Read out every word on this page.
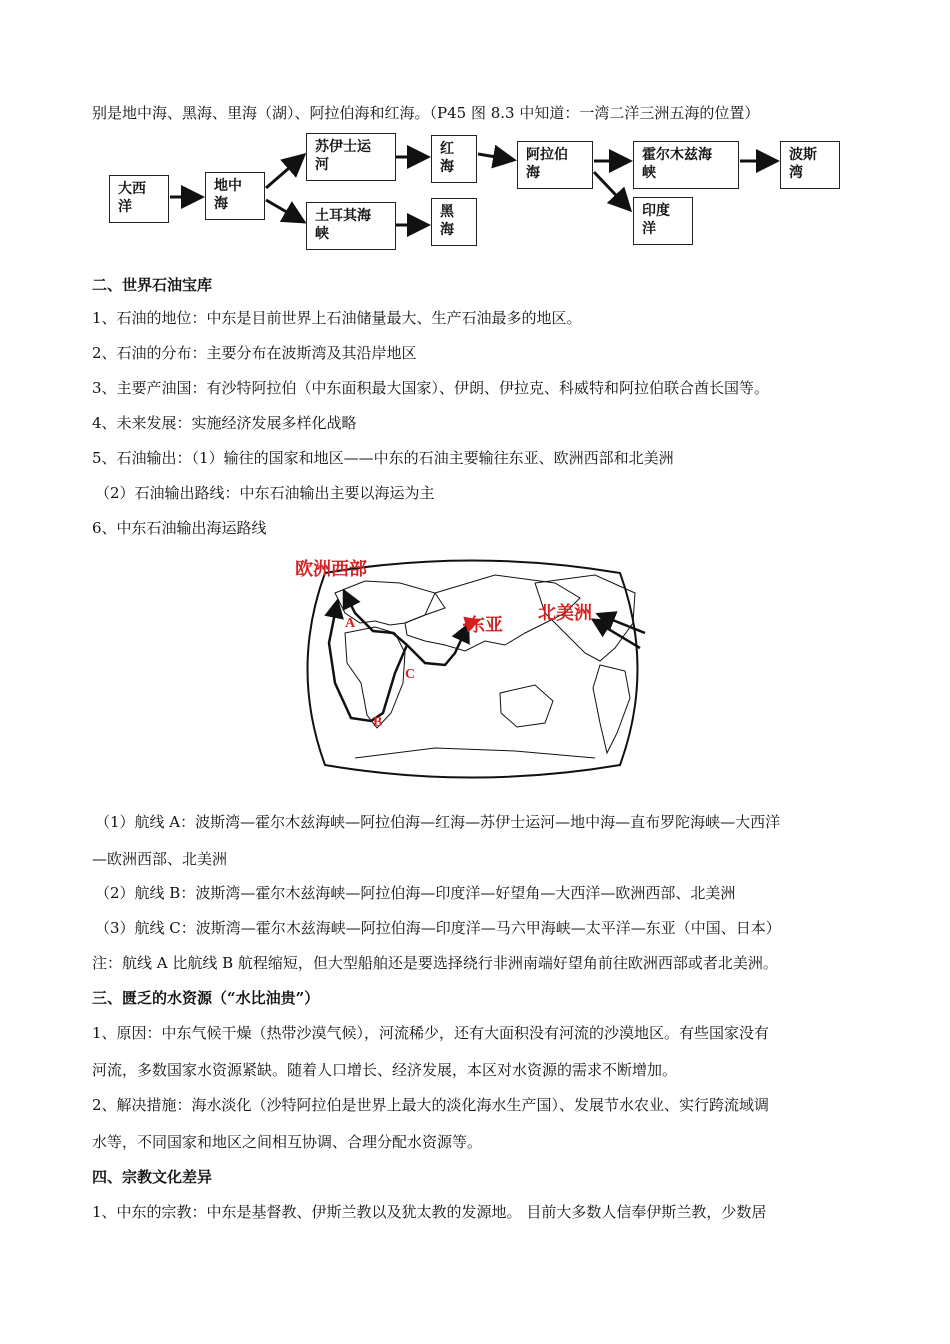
别是地中海、黑海、里海（湖）、阿拉伯海和红海。（P45 图 8.3 中知道：一湾二洋三洲五海的位置）
大西
洋
地中
海
苏伊士运
河
土耳其海
峡
红
海
黑
海
阿拉伯
海
霍尔木兹海
峡
印度
洋
波斯
湾
二、世界石油宝库
1、石油的地位：中东是目前世界上石油储量最大、生产石油最多的地区。
2、石油的分布：主要分布在波斯湾及其沿岸地区
3、主要产油国：有沙特阿拉伯（中东面积最大国家）、伊朗、伊拉克、科威特和阿拉伯联合酋长国等。
4、未来发展：实施经济发展多样化战略
5、石油输出：（1）输往的国家和地区——中东的石油主要输往东亚、欧洲西部和北美洲
（2）石油输出路线：中东石油输出主要以海运为主
6、中东石油输出海运路线
欧洲西部
东亚
北美洲
A
B
C
（1）航线 A：波斯湾—霍尔木兹海峡—阿拉伯海—红海—苏伊士运河—地中海—直布罗陀海峡—大西洋
—欧洲西部、北美洲
（2）航线 B：波斯湾—霍尔木兹海峡—阿拉伯海—印度洋—好望角—大西洋—欧洲西部、北美洲
（3）航线 C：波斯湾—霍尔木兹海峡—阿拉伯海—印度洋—马六甲海峡—太平洋—东亚（中国、日本）
注：航线 A 比航线 B 航程缩短，但大型船舶还是要选择绕行非洲南端好望角前往欧洲西部或者北美洲。
三、匮乏的水资源（“水比油贵”）
1、原因：中东气候干燥（热带沙漠气候），河流稀少，还有大面积没有河流的沙漠地区。有些国家没有
河流，多数国家水资源紧缺。随着人口增长、经济发展，本区对水资源的需求不断增加。
2、解决措施：海水淡化（沙特阿拉伯是世界上最大的淡化海水生产国）、发展节水农业、实行跨流域调
水等，不同国家和地区之间相互协调、合理分配水资源等。
四、宗教文化差异
1、中东的宗教：中东是基督教、伊斯兰教以及犹太教的发源地。 目前大多数人信奉伊斯兰教，少数居
